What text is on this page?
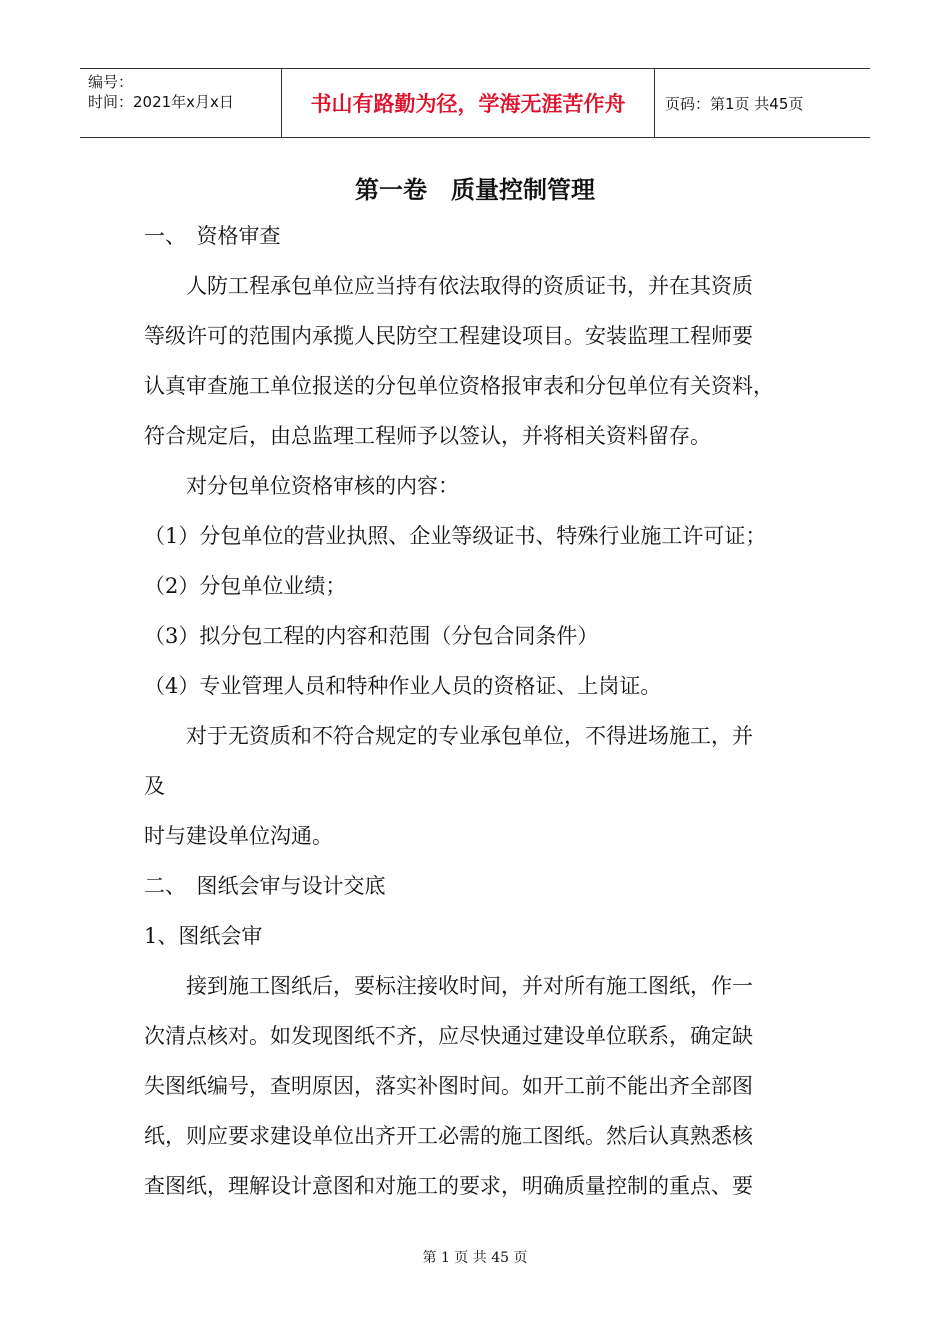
编号：
时间：2021年x月x日	书山有路勤为径，学海无涯苦作舟	页码：第1页 共45页
第一卷　质量控制管理
一、　资格审查
　　人防工程承包单位应当持有依法取得的资质证书，并在其资质
等级许可的范围内承揽人民防空工程建设项目。安装监理工程师要
认真审查施工单位报送的分包单位资格报审表和分包单位有关资料，
符合规定后，由总监理工程师予以签认，并将相关资料留存。
　　对分包单位资格审核的内容：
（1）分包单位的营业执照、企业等级证书、特殊行业施工许可证；
（2）分包单位业绩；
（3）拟分包工程的内容和范围（分包合同条件）
（4）专业管理人员和特种作业人员的资格证、上岗证。
　　对于无资质和不符合规定的专业承包单位，不得进场施工，并
及
时与建设单位沟通。
二、　图纸会审与设计交底
1、图纸会审
　　接到施工图纸后，要标注接收时间，并对所有施工图纸，作一
次清点核对。如发现图纸不齐，应尽快通过建设单位联系，确定缺
失图纸编号，查明原因，落实补图时间。如开工前不能出齐全部图
纸，则应要求建设单位出齐开工必需的施工图纸。然后认真熟悉核
查图纸，理解设计意图和对施工的要求，明确质量控制的重点、要
第 1 页 共 45 页
